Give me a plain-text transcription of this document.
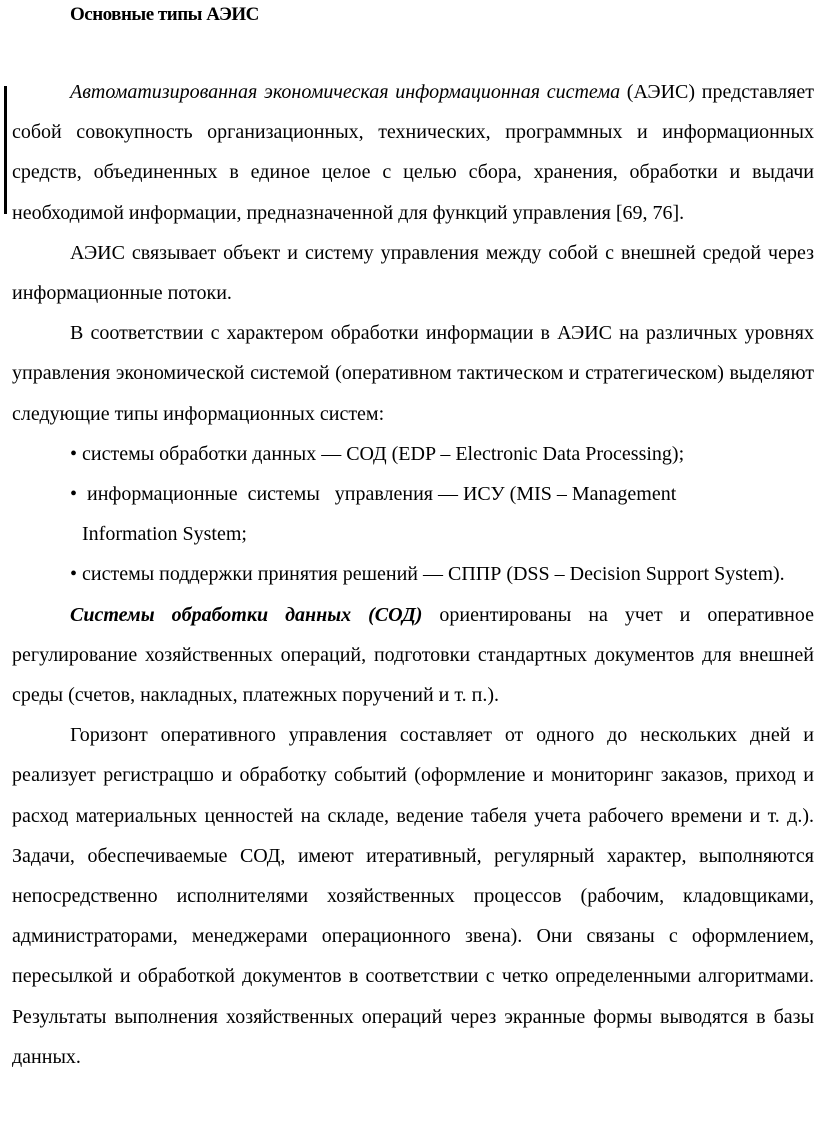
Основные типы АЭИС

Автоматизированная экономическая информационная система (АЭИС) представляет собой совокупность организационных, технических, программных и информационных средств, объединенных в единое целое с целью сбора, хранения, обработки и выдачи необходимой информации, предназначенной для функций управления [69, 76].

АЭИС связывает объект и систему управления между собой с внешней средой через информационные потоки.

В соответствии с характером обработки информации в АЭИС на различных уровнях управления экономической системой (оперативном тактическом и стратегическом) выделяют следующие типы информационных систем:

• системы обработки данных — СОД (EDP – Electronic Data Processing);
•  информационные  системы   управления — ИСУ (MIS – Management
Information System;

• системы поддержки принятия решений — СППР (DSS – Decision Support System).

Системы обработки данных (СОД) ориентированы на учет и оперативное регулирование хозяйственных операций, подготовки стандартных документов для внешней среды (счетов, накладных, платежных поручений и т. п.).

Горизонт оперативного управления составляет от одного до нескольких дней и реализует регистрацшо и обработку событий (оформление и мониторинг заказов, приход и расход материальных ценностей на складе, ведение табеля учета рабочего времени и т. д.). Задачи, обеспечиваемые СОД, имеют итеративный, регулярный характер, выполняются непосредственно исполнителями хозяйственных процессов (рабочим, кладовщиками, администраторами, менеджерами операционного звена). Они связаны с оформлением, пересылкой и обработкой документов в соответствии с четко определенными алгоритмами. Результаты выполнения хозяйственных операций через экранные формы выводятся в базы данных.
